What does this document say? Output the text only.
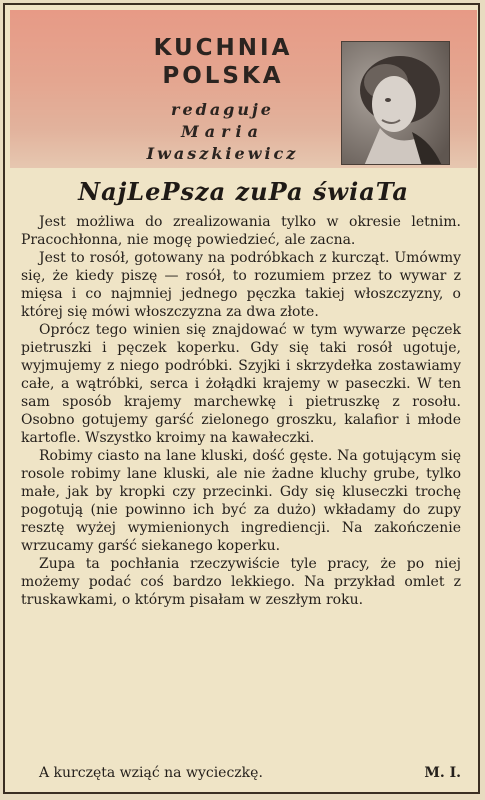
KUCHNIA
POLSKA
redaguje
Maria
Iwaszkiewicz
NajLePsza zuPa świaTa

Jest możliwa do zrealizowania tylko w okresie letnim. Pracochłonna, nie mogę powiedzieć, ale zacna.

Jest to rosół, gotowany na podróbkach z kurcząt. Umówmy się, że kiedy piszę — rosół, to rozumiem przez to wywar z mięsa i co najmniej jednego pęczka takiej włoszczyzny, o której się mówi włoszczyzna za dwa złote.

Oprócz tego winien się znajdować w tym wywarze pęczek pietruszki i pęczek koperku. Gdy się taki rosół ugotuje, wyjmujemy z niego podróbki. Szyjki i skrzydełka zostawiamy całe, a wątróbki, serca i żołądki krajemy w paseczki. W ten sam sposób krajemy marchewkę i pietruszkę z rosołu. Osobno gotujemy garść zielonego groszku, kalafior i młode kartofle. Wszystko kroimy na kawałeczki.

Robimy ciasto na lane kluski, dość gęste. Na gotującym się rosole robimy lane kluski, ale nie żadne kluchy grube, tylko małe, jak by kropki czy przecinki. Gdy się kluseczki trochę pogotują (nie powinno ich być za dużo) wkładamy do zupy resztę wyżej wymienionych ingrediencji. Na zakończenie wrzucamy garść siekanego koperku.

Zupa ta pochłania rzeczywiście tyle pracy, że po niej możemy podać coś bardzo lekkiego. Na przykład omlet z truskawkami, o którym pisałam w zeszłym roku.

A kurczęta wziąć na wycieczkę.	M. I.
